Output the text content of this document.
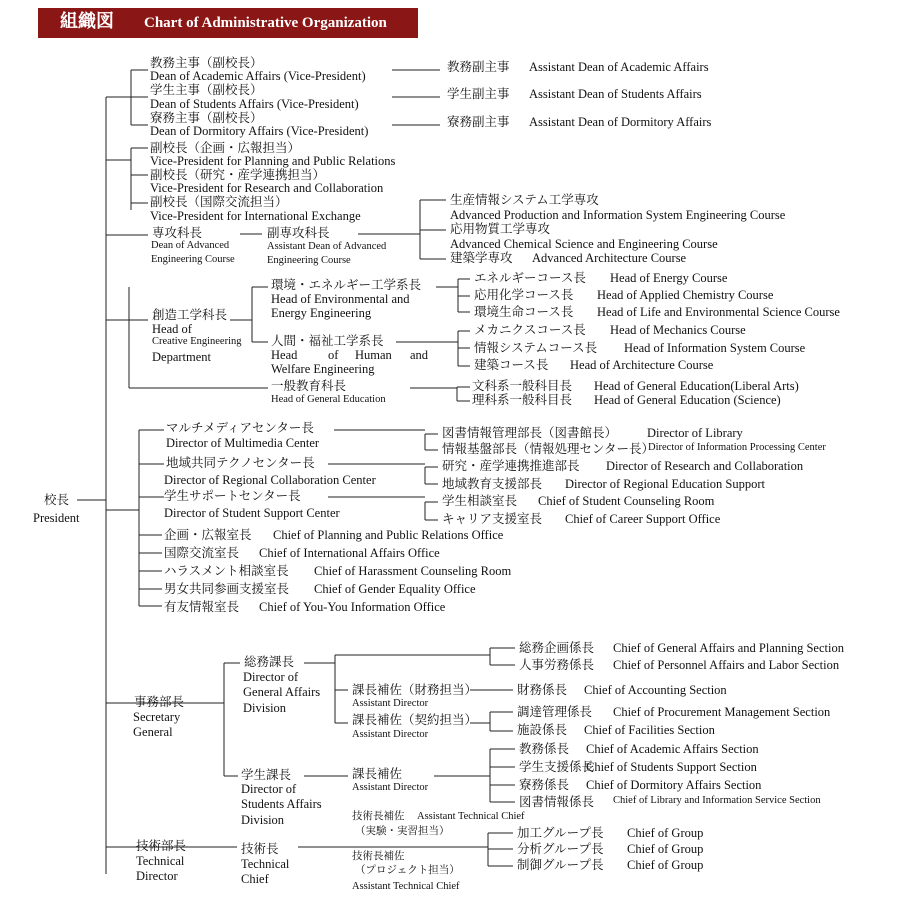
組織図 Chart of Administrative Organization
校長
President
教務主事（副校長）
Dean of Academic Affairs (Vice-President)
学生主事（副校長）
Dean of Students Affairs (Vice-President)
寮務主事（副校長）
Dean of Dormitory Affairs (Vice-President)
教務副主事 Assistant Dean of Academic Affairs
学生副主事 Assistant Dean of Students Affairs
寮務副主事 Assistant Dean of Dormitory Affairs
副校長（企画・広報担当）
Vice-President for Planning and Public Relations
副校長（研究・産学連携担当）
Vice-President for Research and Collaboration
副校長（国際交流担当）
Vice-President for International Exchange
専攻科長
Dean of Advanced
Engineering Course
副専攻科長
Assistant Dean of Advanced
Engineering Course
生産情報システム工学専攻
Advanced Production and Information System Engineering Course
応用物質工学専攻
Advanced Chemical Science and Engineering Course
建築学専攻 Advanced Architecture Course
創造工学科長
Head of
Creative Engineering
Department
環境・エネルギー工学系長
Head of Environmental and
Energy Engineering
人間・福祉工学系長
Head of Human and
Welfare Engineering
エネルギーコース長 Head of Energy Course
応用化学コース長 Head of Applied Chemistry Course
環境生命コース長 Head of Life and Environmental Science Course
メカニクスコース長 Head of Mechanics Course
情報システムコース長 Head of Information System Course
建築コース長 Head of Architecture Course
一般教育科長
Head of General Education
文科系一般科目長 Head of General Education(Liberal Arts)
理科系一般科目長 Head of General Education (Science)
マルチメディアセンター長
Director of Multimedia Center
図書情報管理部長（図書館長） Director of Library
情報基盤部長（情報処理センター長）
Director of Information Processing Center
地域共同テクノセンター長
Director of Regional Collaboration Center
研究・産学連携推進部長 Director of Research and Collaboration
地域教育支援部長 Director of Regional Education Support
学生サポートセンター長
Director of Student Support Center
学生相談室長 Chief of Student Counseling Room
キャリア支援室長 Chief of Career Support Office
企画・広報室長 Chief of Planning and Public Relations Office
国際交流室長 Chief of International Affairs Office
ハラスメント相談室長 Chief of Harassment Counseling Room
男女共同参画支援室長 Chief of Gender Equality Office
有友情報室長 Chief of You-You Information Office
事務部長
Secretary
General
総務課長
Director of
General Affairs
Division
総務企画係長 Chief of General Affairs and Planning Section
人事労務係長 Chief of Personnel Affairs and Labor Section
課長補佐（財務担当）
Assistant Director
財務係長 Chief of Accounting Section
課長補佐（契約担当）
Assistant Director
調達管理係長 Chief of Procurement Management Section
施設係長 Chief of Facilities Section
学生課長
Director of
Students Affairs
Division
課長補佐
Assistant Director
教務係長 Chief of Academic Affairs Section
学生支援係長
Chief of Students Support Section
寮務係長 Chief of Dormitory Affairs Section
図書情報係長 Chief of Library and Information Service Section
技術部長
Technical
Director
技術長
Technical
Chief
技術長補佐 Assistant Technical Chief
（実験・実習担当）
技術長補佐
（プロジェクト担当）
Assistant Technical Chief
加工グループ長 Chief of Group
分析グループ長 Chief of Group
制御グループ長 Chief of Group
